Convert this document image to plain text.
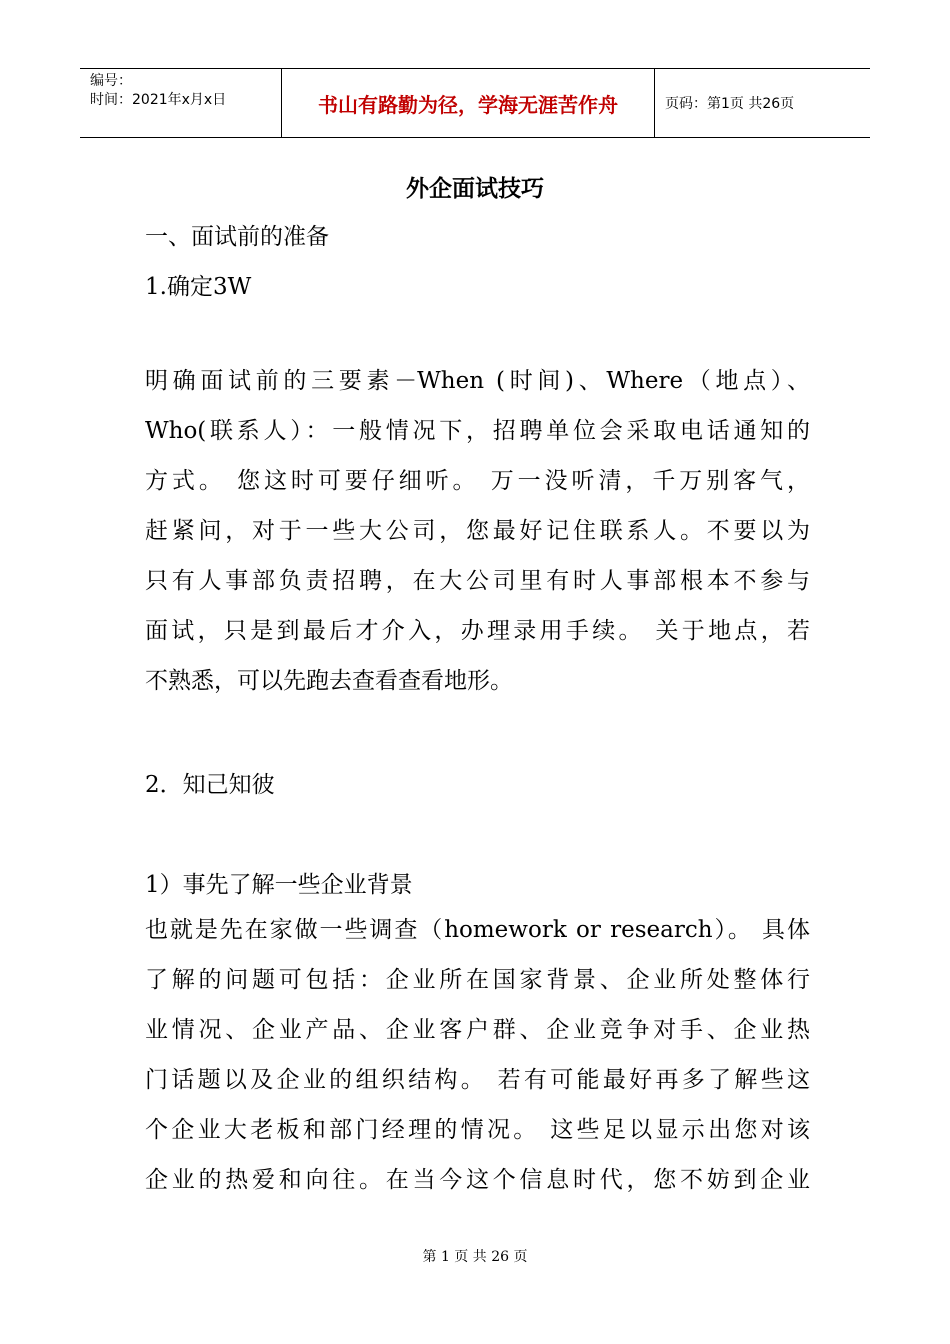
编号：
时间：2021年x月x日	书山有路勤为径，学海无涯苦作舟	页码：第1页 共26页
外企面试技巧

一、面试前的准备

1.确定3W

明确面试前的三要素－When (时间)、Where（地点）、
Who(联系人）：一般情况下，招聘单位会采取电话通知的
方式。 您这时可要仔细听。 万一没听清，千万别客气，
赶紧问，对于一些大公司，您最好记住联系人。不要以为
只有人事部负责招聘，在大公司里有时人事部根本不参与
面试，只是到最后才介入，办理录用手续。 关于地点，若
不熟悉，可以先跑去查看查看地形。

2．知己知彼

1）事先了解一些企业背景

也就是先在家做一些调查（homework or research）。 具体
了解的问题可包括：企业所在国家背景、企业所处整体行
业情况、企业产品、企业客户群、企业竞争对手、企业热
门话题以及企业的组织结构。 若有可能最好再多了解些这
个企业大老板和部门经理的情况。 这些足以显示出您对该
企业的热爱和向往。在当今这个信息时代，您不妨到企业
第 1 页 共 26 页
